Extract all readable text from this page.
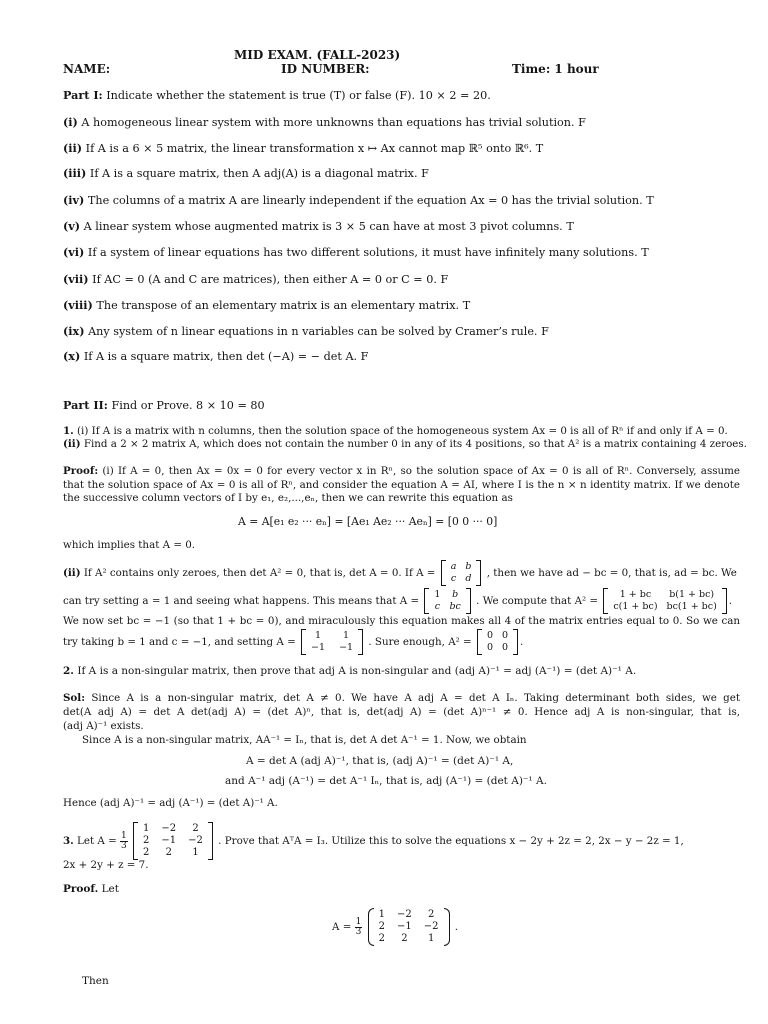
MID EXAM. (FALL-2023)
NAME:	ID NUMBER:	Time: 1 hour
Part I: Indicate whether the statement is true (T) or false (F). 10 × 2 = 20.
(i) A homogeneous linear system with more unknowns than equations has trivial solution. F
(ii) If A is a 6 × 5 matrix, the linear transformation x ↦ Ax cannot map ℝ⁵ onto ℝ⁶. T
(iii) If A is a square matrix, then A adj(A) is a diagonal matrix. F
(iv) The columns of a matrix A are linearly independent if the equation Ax = 0 has the trivial solution. T
(v) A linear system whose augmented matrix is 3 × 5 can have at most 3 pivot columns. T
(vi) If a system of linear equations has two different solutions, it must have infinitely many solutions. T
(vii) If AC = 0 (A and C are matrices), then either A = 0 or C = 0. F
(viii) The transpose of an elementary matrix is an elementary matrix. T
(ix) Any system of n linear equations in n variables can be solved by Cramer’s rule. F
(x) If A is a square matrix, then det (−A) = − det A. F
Part II: Find or Prove. 8 × 10 = 80
1. (i) If A is a matrix with n columns, then the solution space of the homogeneous system Ax = 0 is all of Rⁿ if and only if A = 0.
(ii) Find a 2 × 2 matrix A, which does not contain the number 0 in any of its 4 positions, so that A² is a matrix containing 4 zeroes.
Proof: (i) If A = 0, then Ax = 0x = 0 for every vector x in Rⁿ, so the solution space of Ax = 0 is all of Rⁿ. Conversely, assume
that the solution space of Ax = 0 is all of Rⁿ, and consider the equation A = AI, where I is the n × n identity matrix. If we denote
the successive column vectors of I by e₁, e₂,...,eₙ, then we can rewrite this equation as
A = A[e₁ e₂ ··· eₙ] = [Ae₁ Ae₂ ··· Aeₙ] = [0 0 ··· 0]
which implies that A = 0.
(ii) If A² contains only zeroes, then det A² = 0, that is, det A = 0. If A =
a b
c d , then we have ad − bc = 0, that is, ad = bc. We
can try setting a = 1 and seeing what happens. This means that A =
1 b
c bc . We compute that A² =
1 + bc	b(1 + bc)
c(1 + bc) bc(1 + bc) .
We now set bc = −1 (so that 1 + bc = 0), and miraculously this equation makes all 4 of the matrix entries equal to 0. So we can
try taking b = 1 and c = −1, and setting A =
1	1
−1 −1 . Sure enough, A² =
0 0
0 0 .
2. If A is a non-singular matrix, then prove that adj A is non-singular and (adj A)⁻¹ = adj (A⁻¹) = (det A)⁻¹ A.
Sol: Since A is a non-singular matrix, det A ≠ 0. We have A adj A = det A Iₙ. Taking determinant both sides, we get
det(A adj A) = det A det(adj A) = (det A)ⁿ, that is, det(adj A) = (det A)ⁿ⁻¹ ≠ 0. Hence adj A is non-singular, that is,
(adj A)⁻¹ exists.
Since A is a non-singular matrix, AA⁻¹ = Iₙ, that is, det A det A⁻¹ = 1. Now, we obtain
A = det A (adj A)⁻¹, that is, (adj A)⁻¹ = (det A)⁻¹ A,
and A⁻¹ adj (A⁻¹) = det A⁻¹ Iₙ, that is, adj (A⁻¹) = (det A)⁻¹ A.
Hence (adj A)⁻¹ = adj (A⁻¹) = (det A)⁻¹ A.
3. Let $A = \frac{1}{3}$

1 −2	2
2 −1 −2
2	2	1
. Prove that AᵀA = I₃. Utilize this to solve the equations x − 2y + 2z = 2, 2x − y − 2z = 1,
2x + 2y + z = 7.
Proof. Let
$A = \frac{1}{3}$

1 −2	2
2 −1 −2
2	2	1
.
Then
